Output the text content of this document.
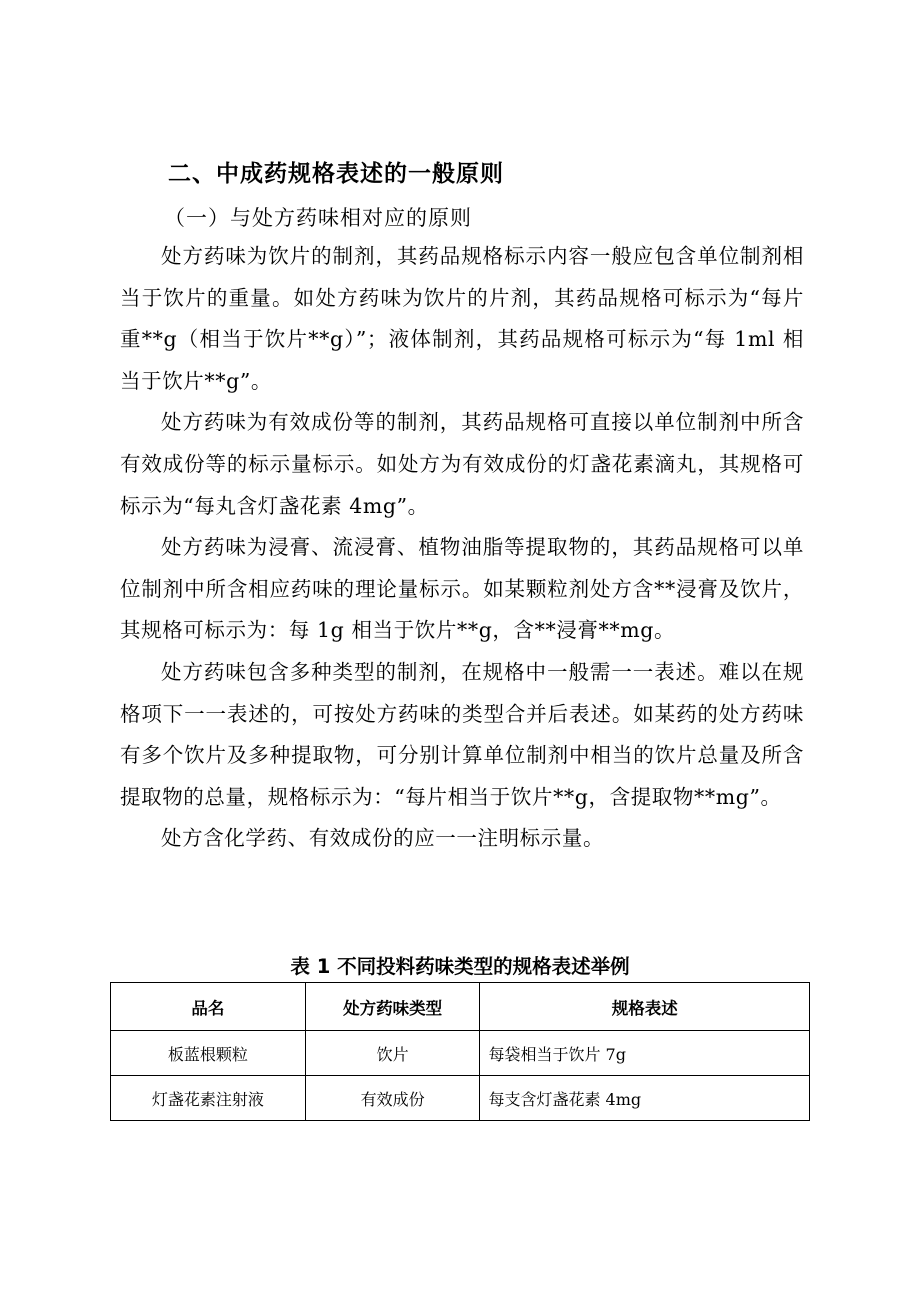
二、中成药规格表述的一般原则
（一）与处方药味相对应的原则

处方药味为饮片的制剂，其药品规格标示内容一般应包含单位制剂相当于饮片的重量。如处方药味为饮片的片剂，其药品规格可标示为“每片重**g（相当于饮片**g）”；液体制剂，其药品规格可标示为“每 1ml 相当于饮片**g”。

处方药味为有效成份等的制剂，其药品规格可直接以单位制剂中所含有效成份等的标示量标示。如处方为有效成份的灯盏花素滴丸，其规格可标示为“每丸含灯盏花素 4mg”。

处方药味为浸膏、流浸膏、植物油脂等提取物的，其药品规格可以单位制剂中所含相应药味的理论量标示。如某颗粒剂处方含**浸膏及饮片，其规格可标示为：每 1g 相当于饮片**g，含**浸膏**mg。

处方药味包含多种类型的制剂，在规格中一般需一一表述。难以在规格项下一一表述的，可按处方药味的类型合并后表述。如某药的处方药味有多个饮片及多种提取物，可分别计算单位制剂中相当的饮片总量及所含提取物的总量，规格标示为：“每片相当于饮片**g，含提取物**mg”。

处方含化学药、有效成份的应一一注明标示量。

表 1 不同投料药味类型的规格表述举例
品名	处方药味类型	规格表述
板蓝根颗粒	饮片	每袋相当于饮片 7g
灯盏花素注射液	有效成份	每支含灯盏花素 4mg
